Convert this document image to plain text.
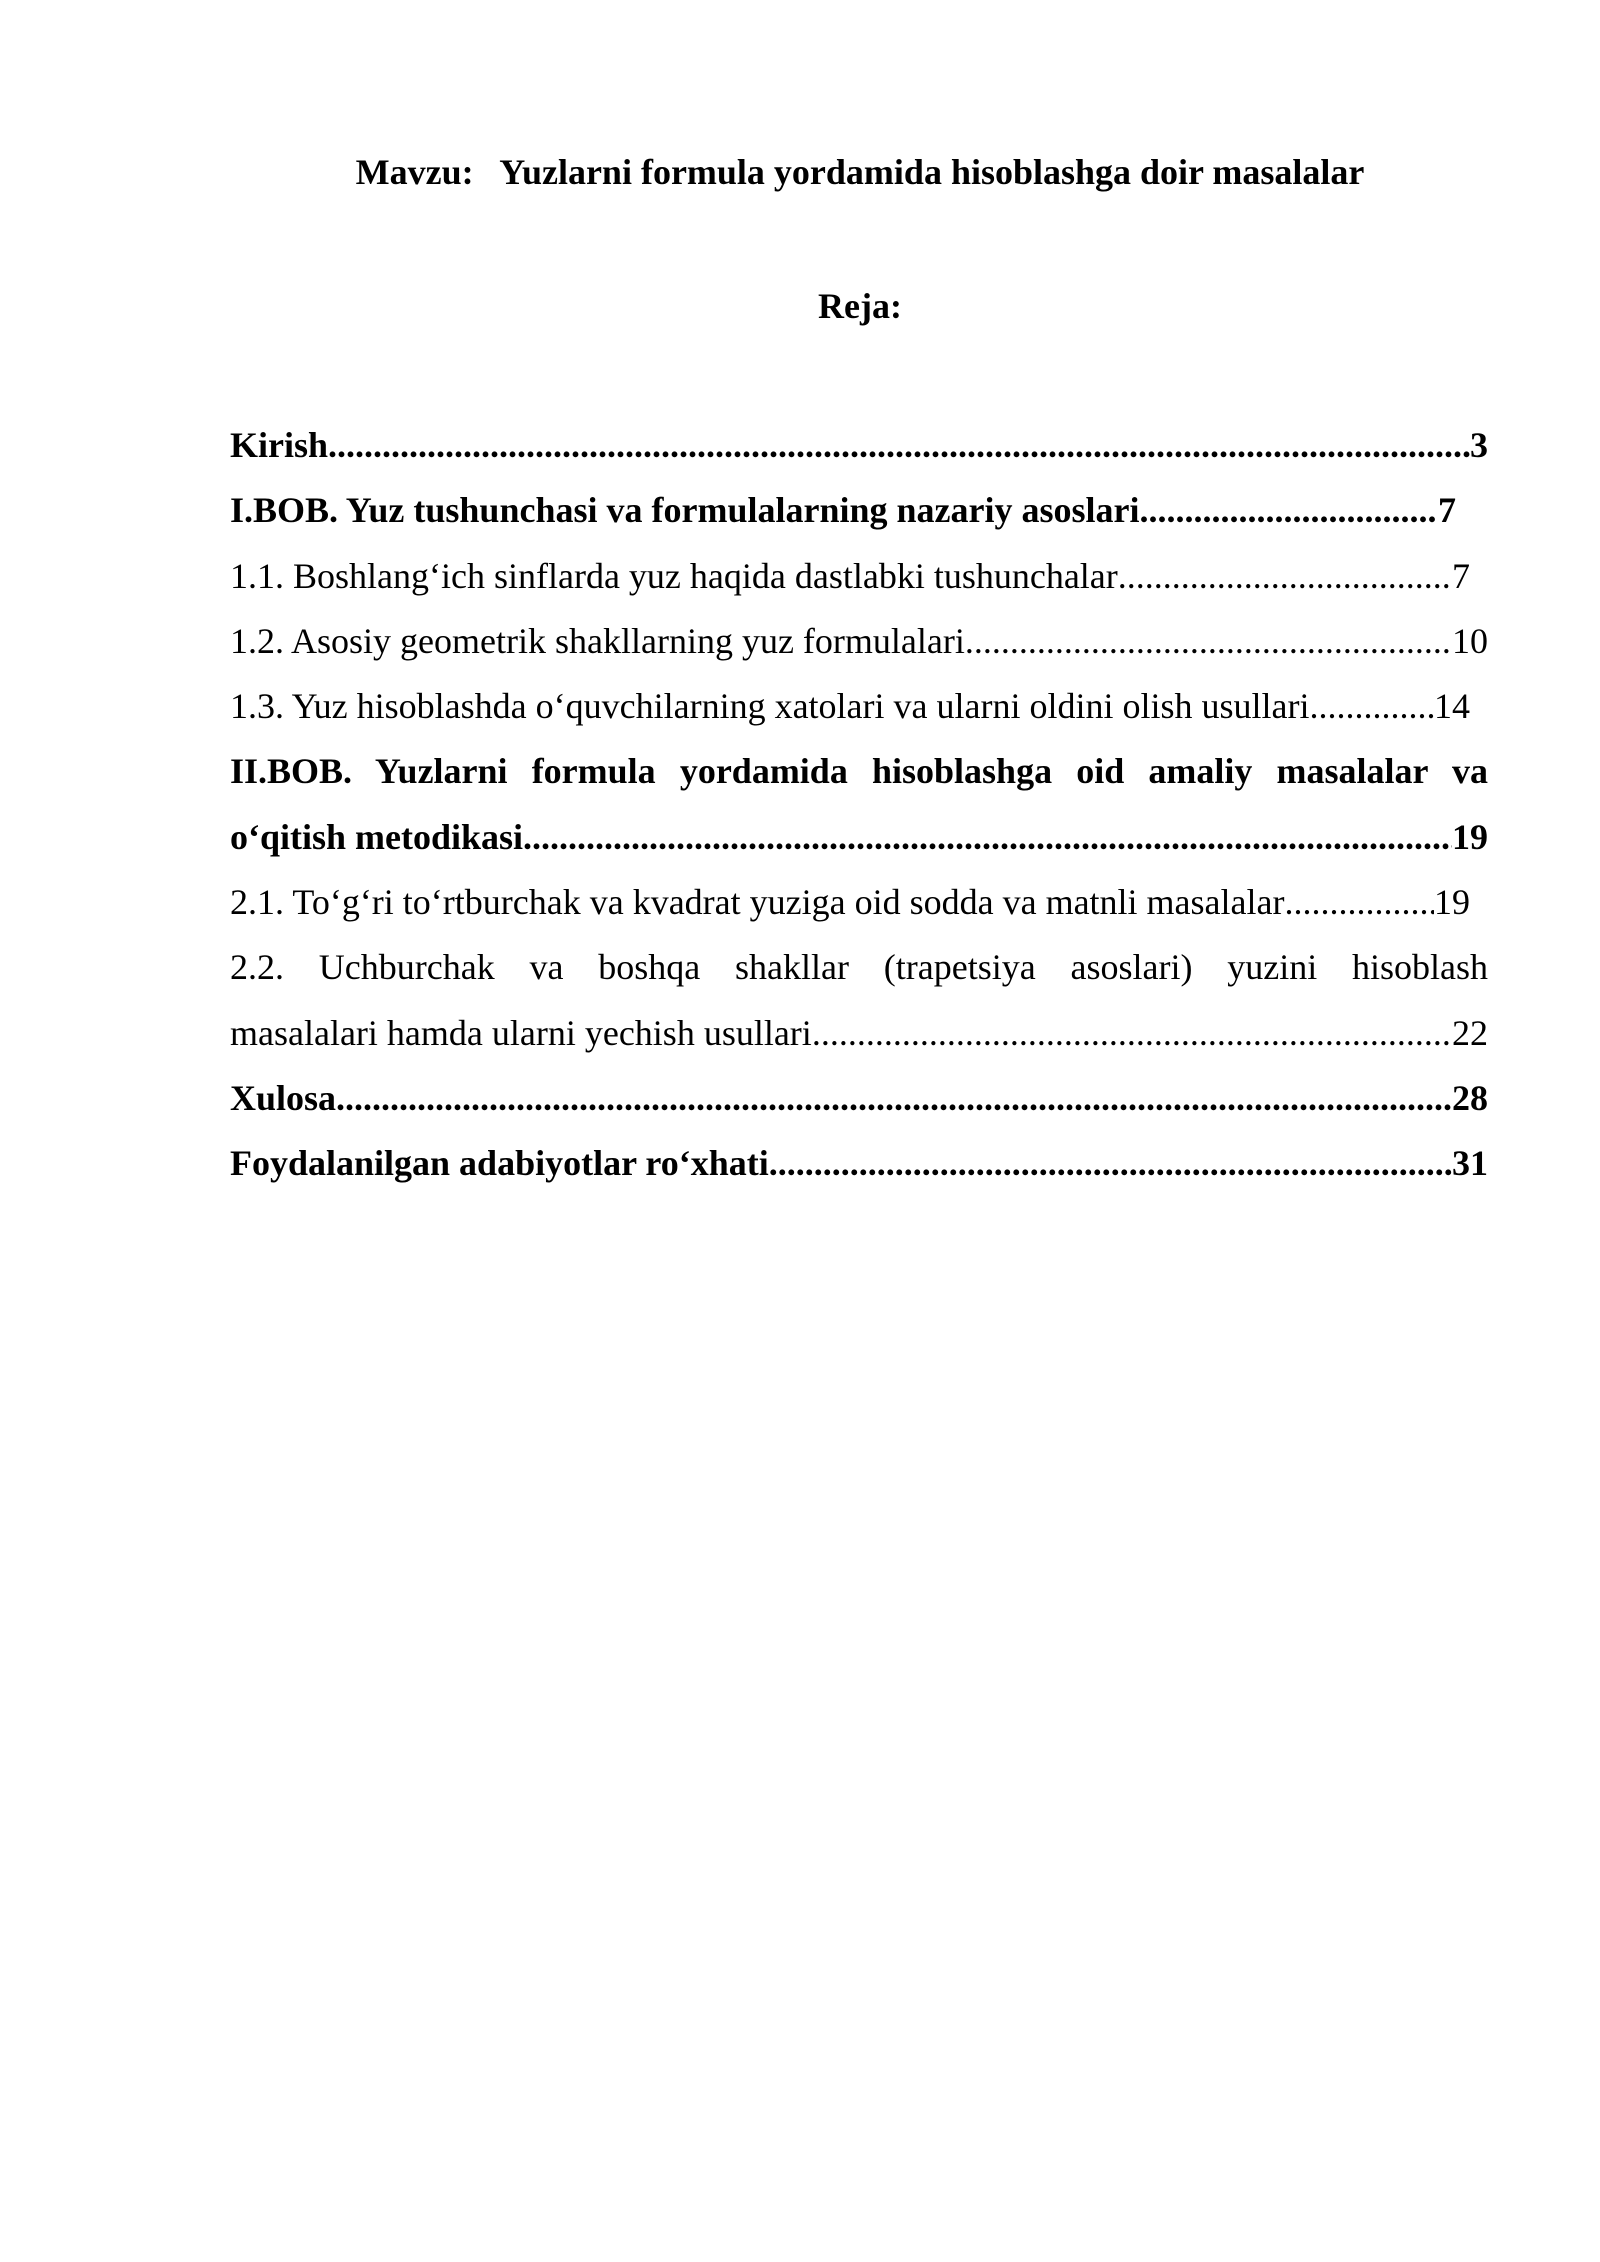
Mavzu:   Yuzlarni formula yordamida hisoblashga doir masalalar
Reja:
Kirish .....	3
I.BOB. Yuz tushunchasi va formulalarning nazariy asoslari .....	7
1.1. Boshlang‘ich sinflarda yuz haqida dastlabki tushunchalar .....	7
1.2. Asosiy geometrik shakllarning yuz formulalari .....	10
1.3. Yuz hisoblashda o‘quvchilarning xatolari va ularni oldini olish usullari .....	14
II.BOB. Yuzlarni formula yordamida hisoblashga oid amaliy masalalar va
o‘qitish metodikasi .....	19
2.1. To‘g‘ri to‘rtburchak va kvadrat yuziga oid sodda va matnli masalalar .....	19
2.2. Uchburchak va boshqa shakllar (trapetsiya asoslari) yuzini hisoblash
masalalari hamda ularni yechish usullari .....	22
Xulosa .....	28
Foydalanilgan adabiyotlar ro‘xhati .....	31
